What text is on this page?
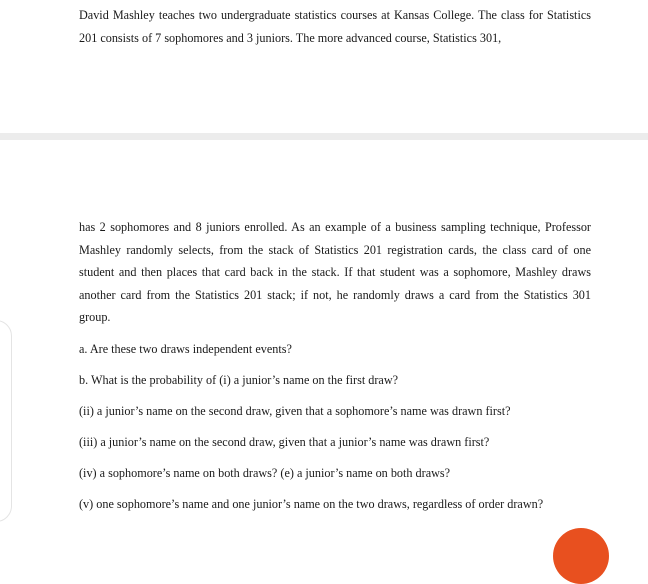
David Mashley teaches two undergraduate statistics courses at Kansas College. The class for Statistics 201 consists of 7 sophomores and 3 juniors. The more advanced course, Statistics 301,

has 2 sophomores and 8 juniors enrolled. As an example of a business sampling technique, Professor Mashley randomly selects, from the stack of Statistics 201 registration cards, the class card of one student and then places that card back in the stack. If that student was a sophomore, Mashley draws another card from the Statistics 201 stack; if not, he randomly draws a card from the Statistics 301 group.

a. Are these two draws independent events?
b. What is the probability of (i) a junior’s name on the first draw?
(ii) a junior’s name on the second draw, given that a sophomore’s name was drawn first?
(iii) a junior’s name on the second draw, given that a junior’s name was drawn first?
(iv) a sophomore’s name on both draws? (e) a junior’s name on both draws?
(v) one sophomore’s name and one junior’s name on the two draws, regardless of order drawn?
